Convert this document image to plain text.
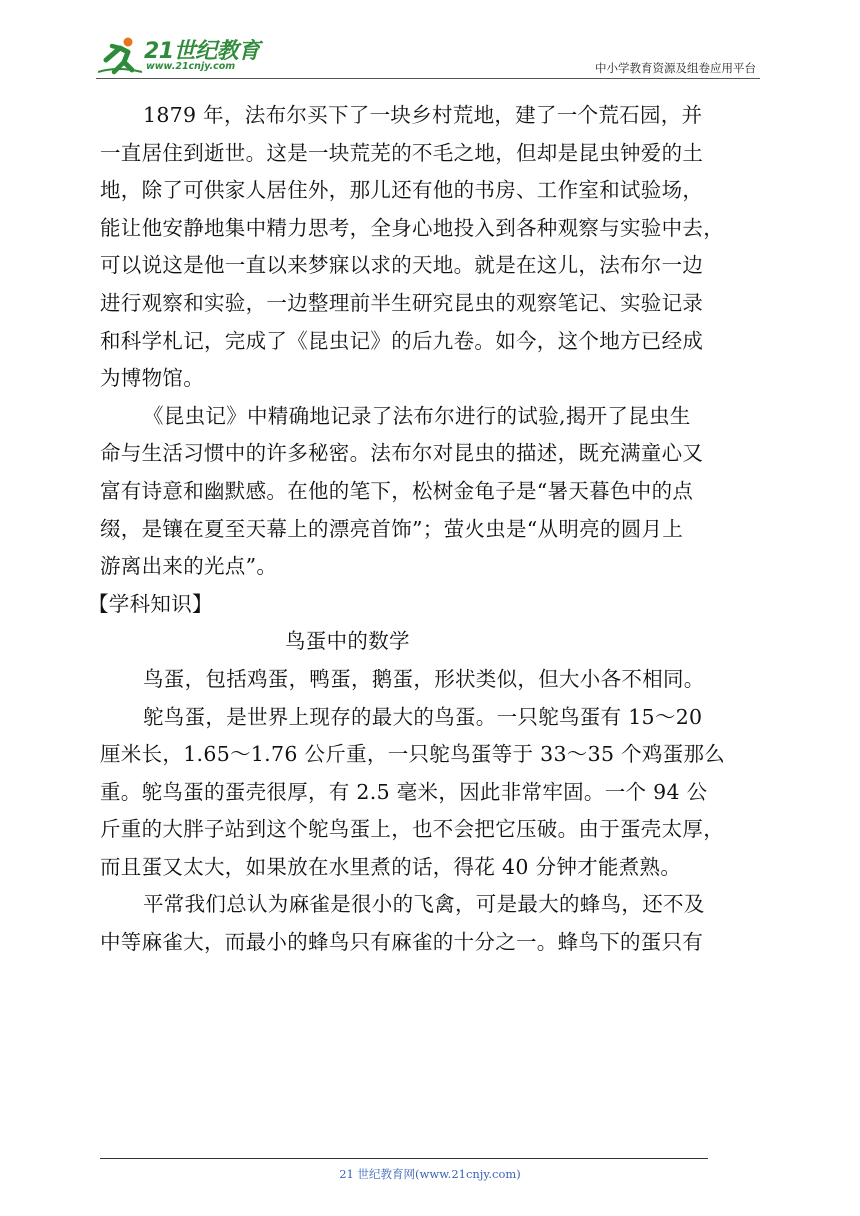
21世纪教育
www.21cnjy.com	中小学教育资源及组卷应用平台

1879 年，法布尔买下了一块乡村荒地，建了一个荒石园，并
一直居住到逝世。这是一块荒芜的不毛之地，但却是昆虫钟爱的土
地，除了可供家人居住外，那儿还有他的书房、工作室和试验场，
能让他安静地集中精力思考，全身心地投入到各种观察与实验中去，
可以说这是他一直以来梦寐以求的天地。就是在这儿，法布尔一边
进行观察和实验，一边整理前半生研究昆虫的观察笔记、实验记录
和科学札记，完成了《昆虫记》的后九卷。如今，这个地方已经成
为博物馆。

《昆虫记》中精确地记录了法布尔进行的试验,揭开了昆虫生
命与生活习惯中的许多秘密。法布尔对昆虫的描述，既充满童心又
富有诗意和幽默感。在他的笔下，松树金龟子是“暑天暮色中的点
缀，是镶在夏至天幕上的漂亮首饰”；萤火虫是“从明亮的圆月上
游离出来的光点”。

【学科知识】

鸟蛋中的数学

鸟蛋，包括鸡蛋，鸭蛋，鹅蛋，形状类似，但大小各不相同。

鸵鸟蛋，是世界上现存的最大的鸟蛋。一只鸵鸟蛋有 15～20
厘米长，1.65～1.76 公斤重，一只鸵鸟蛋等于 33～35 个鸡蛋那么
重。鸵鸟蛋的蛋壳很厚，有 2.5 毫米，因此非常牢固。一个 94 公
斤重的大胖子站到这个鸵鸟蛋上，也不会把它压破。由于蛋壳太厚，
而且蛋又太大，如果放在水里煮的话，得花 40 分钟才能煮熟。

平常我们总认为麻雀是很小的飞禽，可是最大的蜂鸟，还不及
中等麻雀大，而最小的蜂鸟只有麻雀的十分之一。蜂鸟下的蛋只有

21 世纪教育网(www.21cnjy.com)
